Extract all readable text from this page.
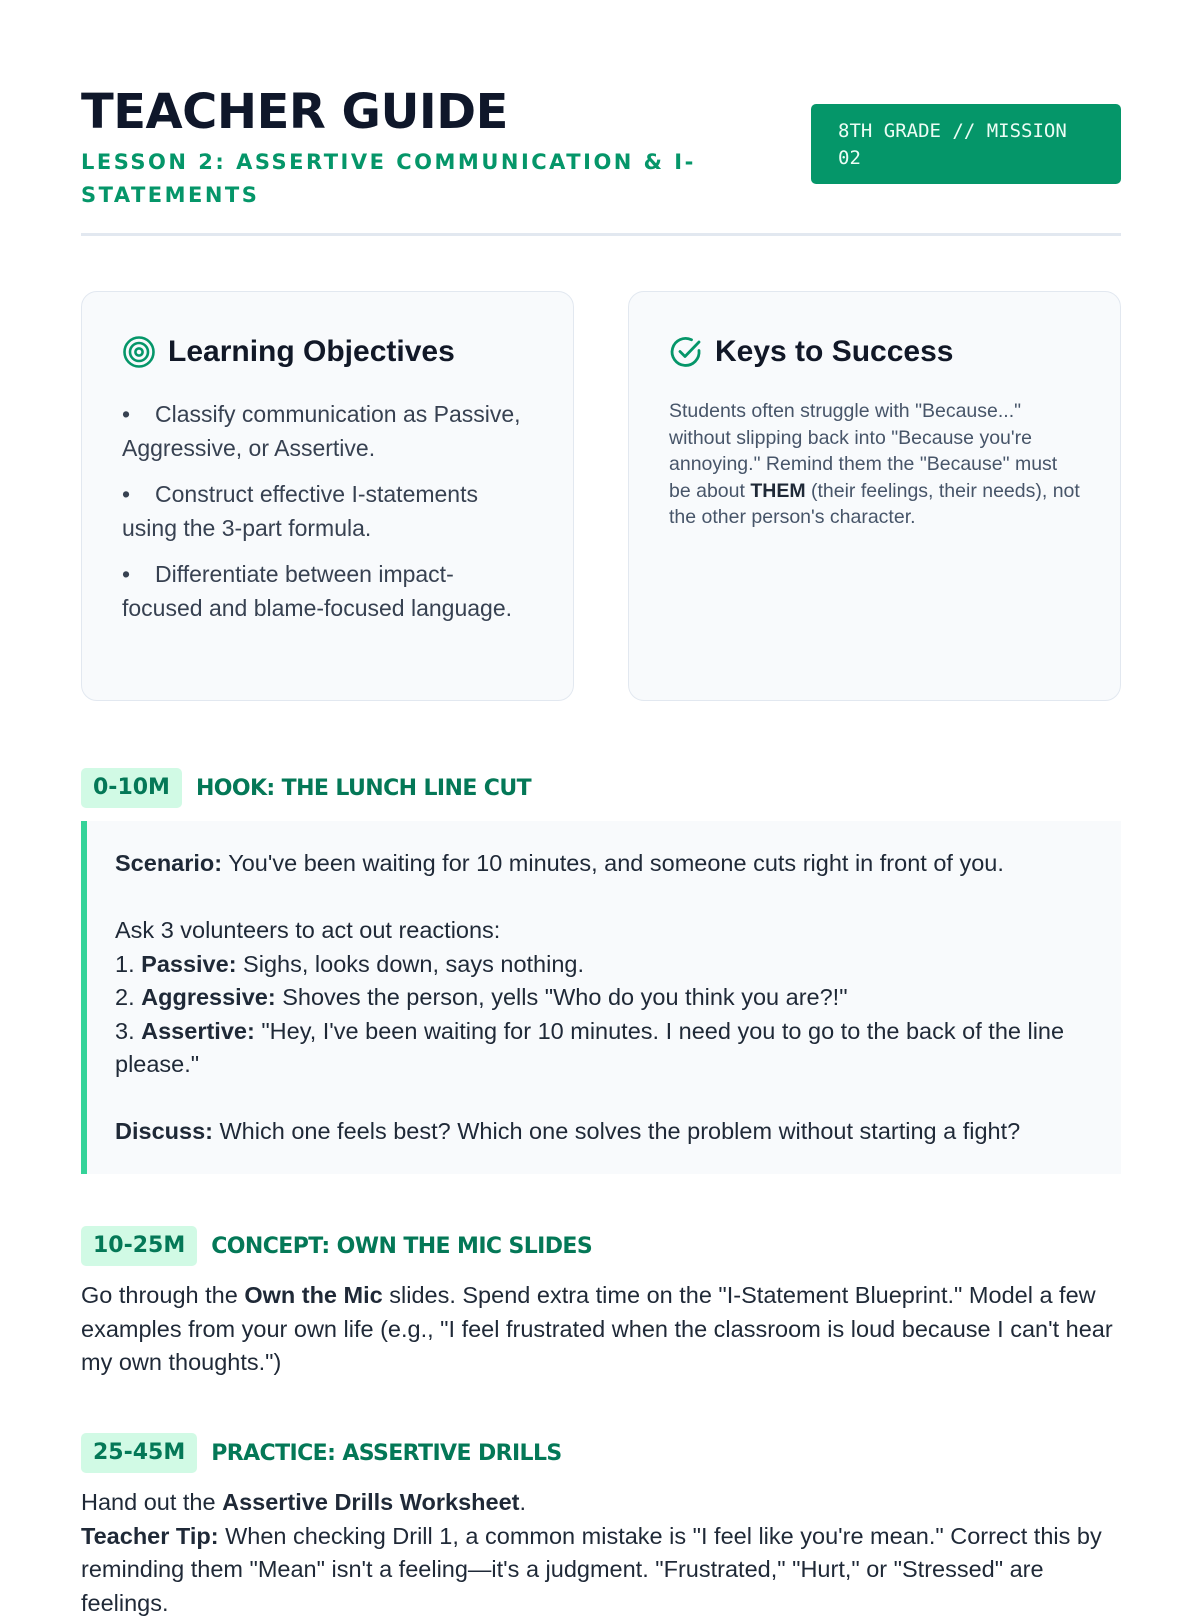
TEACHER GUIDE
LESSON 2: ASSERTIVE COMMUNICATION & I-STATEMENTS
8TH GRADE // MISSION 02
Learning Objectives
• Classify communication as Passive, Aggressive, or Assertive.
• Construct effective I-statements using the 3-part formula.
• Differentiate between impact-focused and blame-focused language.
Keys to Success

Students often struggle with "Because..." without slipping back into "Because you're annoying." Remind them the "Because" must be about THEM (their feelings, their needs), not the other person's character.

0-10M	HOOK: THE LUNCH LINE CUT

Scenario: You've been waiting for 10 minutes, and someone cuts right in front of you.

Ask 3 volunteers to act out reactions:

1. Passive: Sighs, looks down, says nothing.

2. Aggressive: Shoves the person, yells "Who do you think you are?!"

3. Assertive: "Hey, I've been waiting for 10 minutes. I need you to go to the back of the line please."

Discuss: Which one feels best? Which one solves the problem without starting a fight?

10-25M	CONCEPT: OWN THE MIC SLIDES

Go through the Own the Mic slides. Spend extra time on the "I-Statement Blueprint." Model a few examples from your own life (e.g., "I feel frustrated when the classroom is loud because I can't hear my own thoughts.")

25-45M	PRACTICE: ASSERTIVE DRILLS

Hand out the Assertive Drills Worksheet.

Teacher Tip: When checking Drill 1, a common mistake is "I feel like you're mean." Correct this by reminding them "Mean" isn't a feeling—it's a judgment. "Frustrated," "Hurt," or "Stressed" are feelings.
